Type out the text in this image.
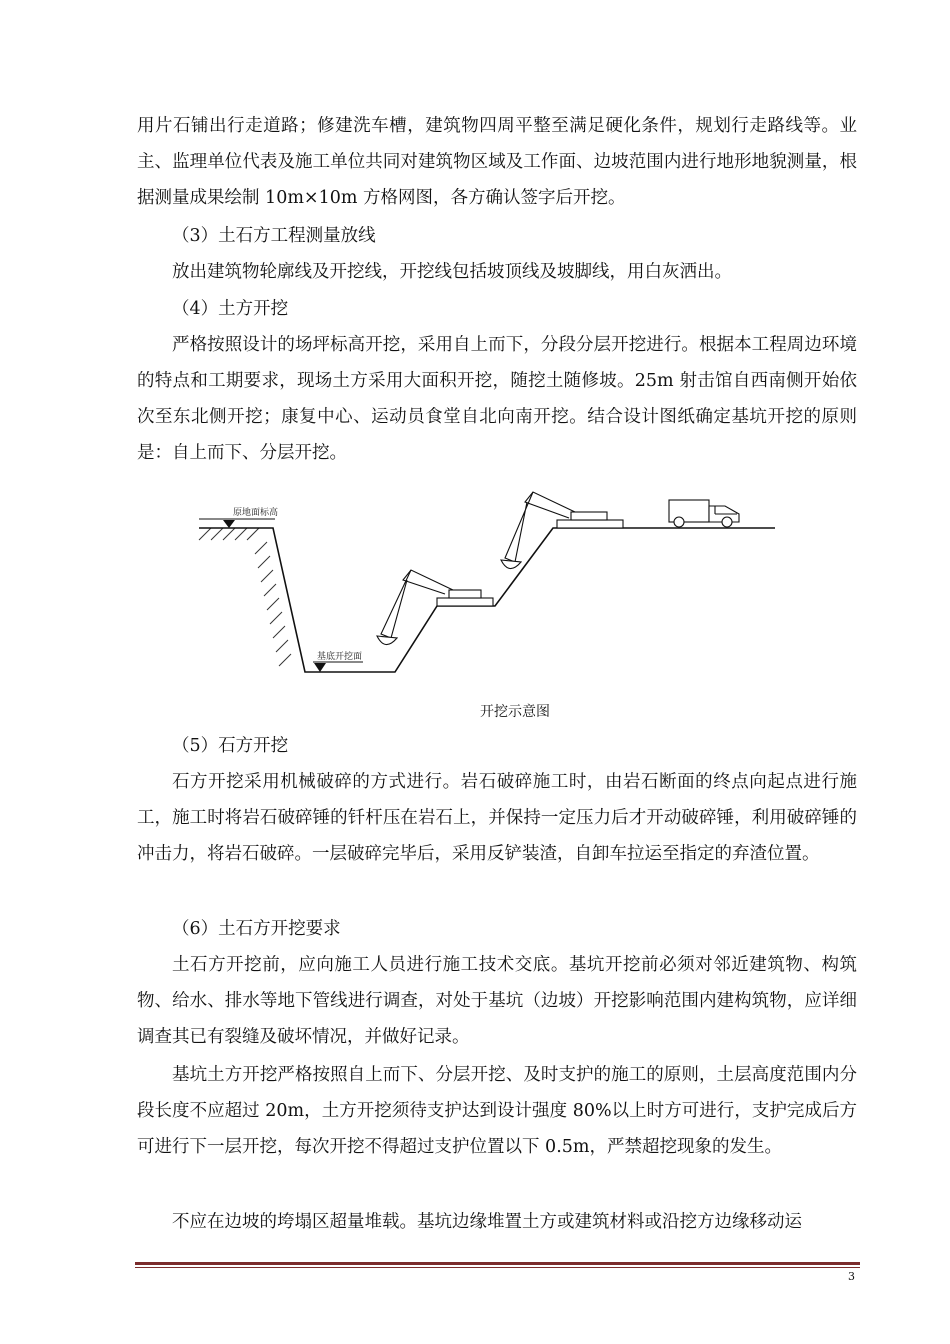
用片石铺出行走道路；修建洗车槽，建筑物四周平整至满足硬化条件，规划行走路线等。业主、监理单位代表及施工单位共同对建筑物区域及工作面、边坡范围内进行地形地貌测量，根据测量成果绘制 10m×10m 方格网图，各方确认签字后开挖。

（3）土石方工程测量放线

放出建筑物轮廓线及开挖线，开挖线包括坡顶线及坡脚线，用白灰洒出。

（4）土方开挖

严格按照设计的场坪标高开挖，采用自上而下，分段分层开挖进行。根据本工程周边环境的特点和工期要求，现场土方采用大面积开挖，随挖土随修坡。25m 射击馆自西南侧开始依次至东北侧开挖；康复中心、运动员食堂自北向南开挖。结合设计图纸确定基坑开挖的原则是：自上而下、分层开挖。

原地面标高
基底开挖面
开挖示意图

（5）石方开挖

石方开挖采用机械破碎的方式进行。岩石破碎施工时，由岩石断面的终点向起点进行施工，施工时将岩石破碎锤的钎杆压在岩石上，并保持一定压力后才开动破碎锤，利用破碎锤的冲击力，将岩石破碎。一层破碎完毕后，采用反铲装渣，自卸车拉运至指定的弃渣位置。

（6）土石方开挖要求

土石方开挖前，应向施工人员进行施工技术交底。基坑开挖前必须对邻近建筑物、构筑物、给水、排水等地下管线进行调查，对处于基坑（边坡）开挖影响范围内建构筑物，应详细调查其已有裂缝及破坏情况，并做好记录。

基坑土方开挖严格按照自上而下、分层开挖、及时支护的施工的原则，土层高度范围内分段长度不应超过 20m，土方开挖须待支护达到设计强度 80%以上时方可进行，支护完成后方可进行下一层开挖，每次开挖不得超过支护位置以下 0.5m，严禁超挖现象的发生。

不应在边坡的垮塌区超量堆载。基坑边缘堆置土方或建筑材料或沿挖方边缘移动运

3
